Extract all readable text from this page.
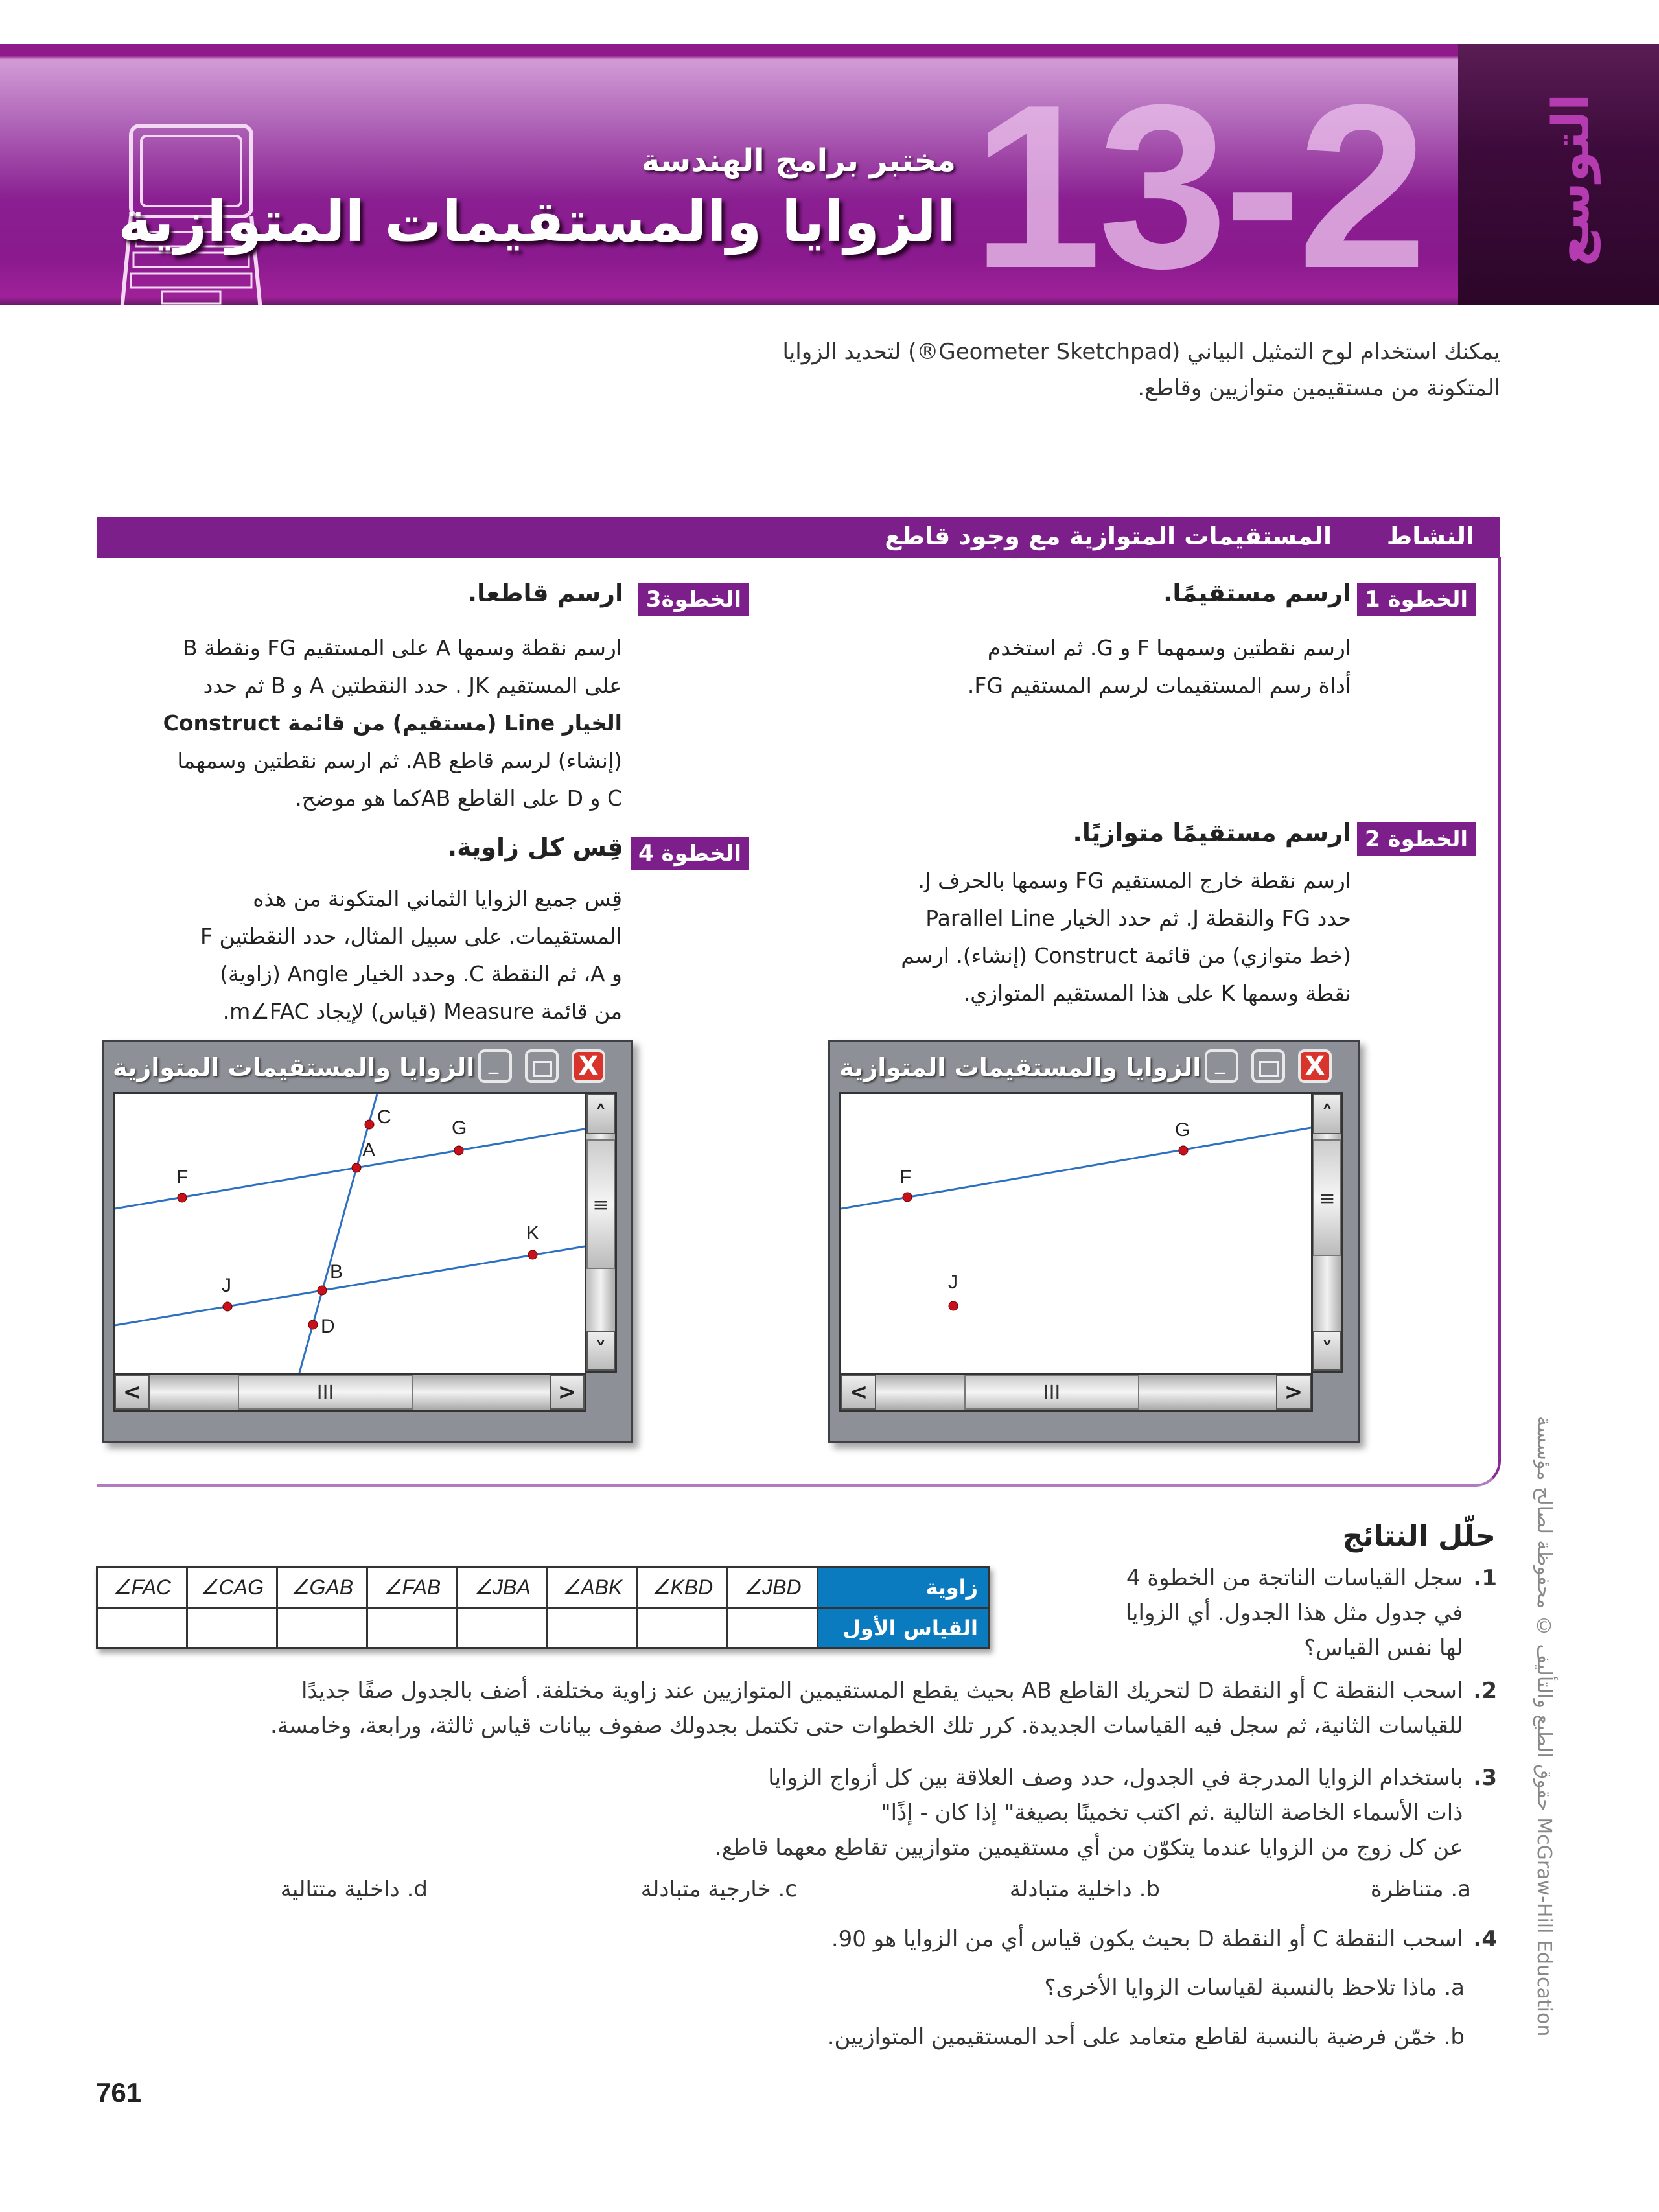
13-2 التوسع
مختبر برامج الهندسة
الزوايا والمستقيمات المتوازية
يمكنك استخدام لوح التمثيل البياني (Geometer Sketchpad®) لتحديد الزوايا
المتكونة من مستقيمين متوازيين وقاطع.
النشاط
المستقيمات المتوازية مع وجود قاطع
الخطوة 1
ارسم مستقيمًا.
ارسم نقطتين وسمهما F و G. ثم استخدم
أداة رسم المستقيمات لرسم المستقيم FG.
الخطوة 2
ارسم مستقيمًا متوازيًا.
ارسم نقطة خارج المستقيم FG وسمها بالحرف J.
حدد FG والنقطة J. ثم حدد الخيار Parallel Line
(خط متوازي) من قائمة Construct (إنشاء). ارسم
نقطة وسمها K على هذا المستقيم المتوازي.
الخطوة3
ارسم قاطعا.
ارسم نقطة وسمها A على المستقيم FG ونقطة B
على المستقيم JK . حدد النقطتين A و B ثم حدد
الخيار Line (مستقيم) من قائمة Construct
(إنشاء) لرسم قاطع AB. ثم ارسم نقطتين وسمهما
C و D على القاطع ABكما هو موضح.
الخطوة 4
قِس كل زاوية.
قِس جميع الزوايا الثماني المتكونة من هذه
المستقيمات. على سبيل المثال، حدد النقطتين F
و A، ثم النقطة C. وحدد الخيار Angle (زاوية)
من قائمة Measure (قياس) لإيجاد m∠FAC.
الزوايا والمستقيمات المتوازية _	X
F
G
J
˄
≡
˅
<	III	>
الزوايا والمستقيمات المتوازية _	X
C
G
A
F
K
B
J
D
˄
≡
˅
<	III	>
حلّل النتائج
∠FAC	∠CAG	∠GAB	∠FAB	∠JBA	∠ABK	∠KBD	∠JBD	زاوية
								القياس الأول
1.
سجل القياسات الناتجة من الخطوة 4
في جدول مثل هذا الجدول. أي الزوايا
لها نفس القياس؟
2.
اسحب النقطة C أو النقطة D لتحريك القاطع AB بحيث يقطع المستقيمين المتوازيين عند زاوية مختلفة. أضف بالجدول صفًا جديدًا
للقياسات الثانية، ثم سجل فيه القياسات الجديدة. كرر تلك الخطوات حتى تكتمل بجدولك صفوف بيانات قياس ثالثة، ورابعة، وخامسة.
3.
باستخدام الزوايا المدرجة في الجدول، حدد وصف العلاقة بين كل أزواج الزوايا
ذات الأسماء الخاصة التالية .ثم اكتب تخمينًا بصيغة" إذا كان - إذًا"
عن كل زوج من الزوايا عندما يتكوّن من أي مستقيمين متوازيين تقاطع معهما قاطع.
a. متناظرة
b. داخلية متبادلة
c. خارجية متبادلة
d. داخلية متتالية
4.
اسحب النقطة C أو النقطة D بحيث يكون قياس أي من الزوايا هو 90.
a. ماذا تلاحظ بالنسبة لقياسات الزوايا الأخرى؟
b. خمّن فرضية بالنسبة لقاطع متعامد على أحد المستقيمين المتوازيين.
761
حقوق الطبع والتأليف © محفوظة لصالح مؤسسة McGraw-Hill Education
